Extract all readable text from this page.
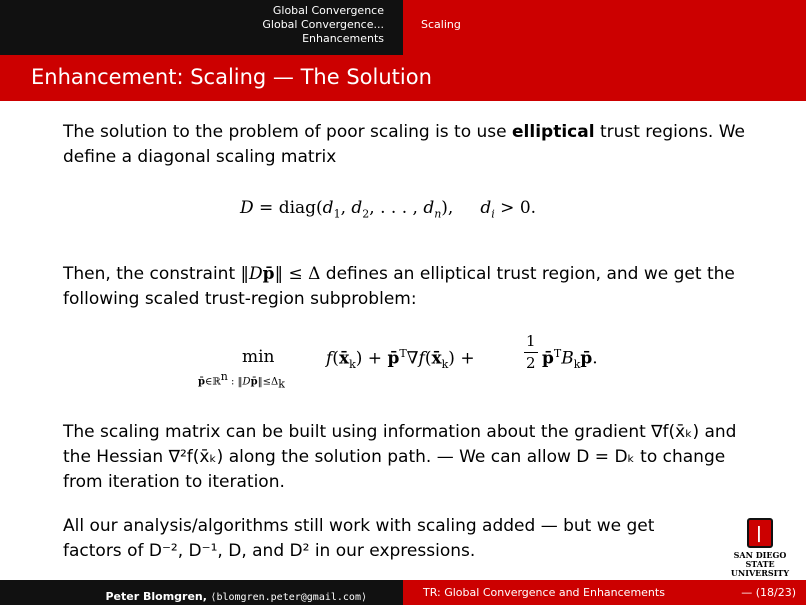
Global Convergence
Global Convergence...
Enhancements
Scaling
Enhancement: Scaling — The Solution

The solution to the problem of poor scaling is to use elliptical trust regions. We define a diagonal scaling matrix

$D = diag(d_1$, $d_2$, . . . , $d_n$),     $d_i > 0$.

Then, the constraint ‖Dp̄‖ ≤ Δ defines an elliptical trust region, and we get the following scaled trust-region subproblem:

min
p̄∈ℝ$^n$ : $‖Dp̄‖\le\Delta_k$
$f(x̄_k)$ + $p̄^T\nabla f(x̄_k)$ +
1
2 $p̄^TB_kp̄$.

The scaling matrix can be built using information about the gradient ∇f(x̄ₖ) and the Hessian ∇²f(x̄ₖ) along the solution path. — We can allow D = Dₖ to change from iteration to iteration.

All our analysis/algorithms still work with scaling added — but we get factors of D⁻², D⁻¹, D, and D² in our expressions.

|	SAN DIEGO STATE
UNIVERSITY
Peter Blomgren, ⟨blomgren.peter@gmail.com⟩	TR: Global Convergence and Enhancements	— (18/23)
